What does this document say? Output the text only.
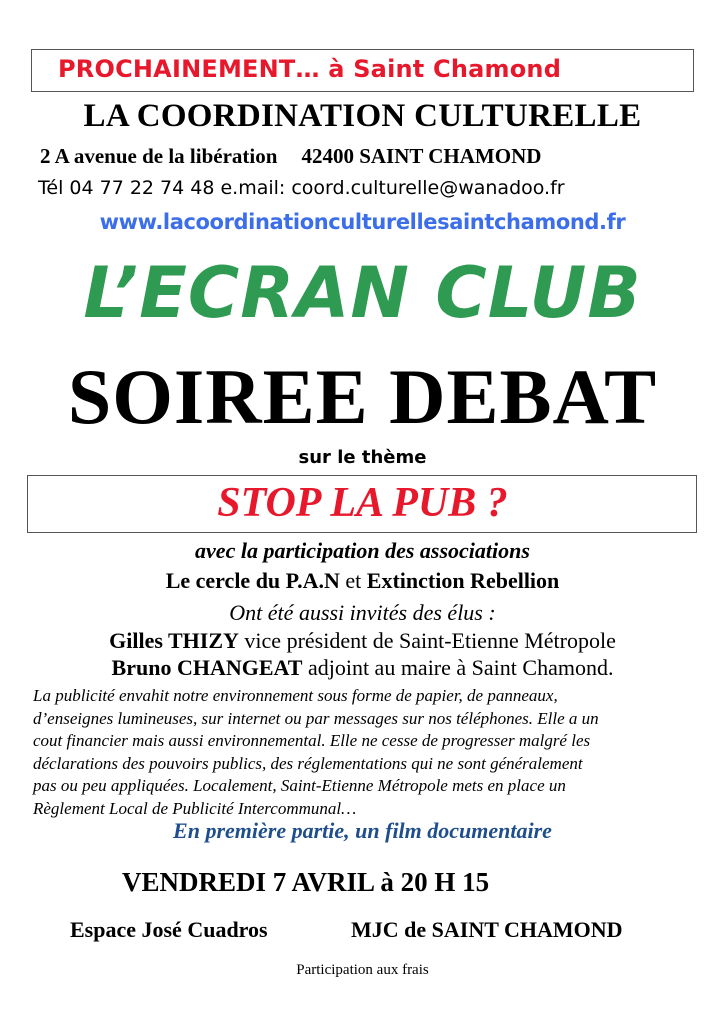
PROCHAINEMENT… à Saint Chamond
LA COORDINATION CULTURELLE
2 A avenue de la libération 42400 SAINT CHAMOND
Tél 04 77 22 74 48 e.mail: coord.culturelle@wanadoo.fr
www.lacoordinationculturellesaintchamond.fr
L’ECRAN CLUB
SOIREE DEBAT
sur le thème
STOP LA PUB ?
avec la participation des associations
Le cercle du P.A.N et Extinction Rebellion
Ont été aussi invités des élus :
Gilles THIZY vice président de Saint-Etienne Métropole
Bruno CHANGEAT adjoint au maire à Saint Chamond.
La publicité envahit notre environnement sous forme de papier, de panneaux,
d’enseignes lumineuses, sur internet ou par messages sur nos téléphones. Elle a un
cout financier mais aussi environnemental. Elle ne cesse de progresser malgré les
déclarations des pouvoirs publics, des réglementations qui ne sont généralement
pas ou peu appliquées. Localement, Saint-Etienne Métropole mets en place un
Règlement Local de Publicité Intercommunal…
En première partie, un film documentaire
VENDREDI 7 AVRIL à 20 H 15
Espace José Cuadros	MJC de SAINT CHAMOND
Participation aux frais
